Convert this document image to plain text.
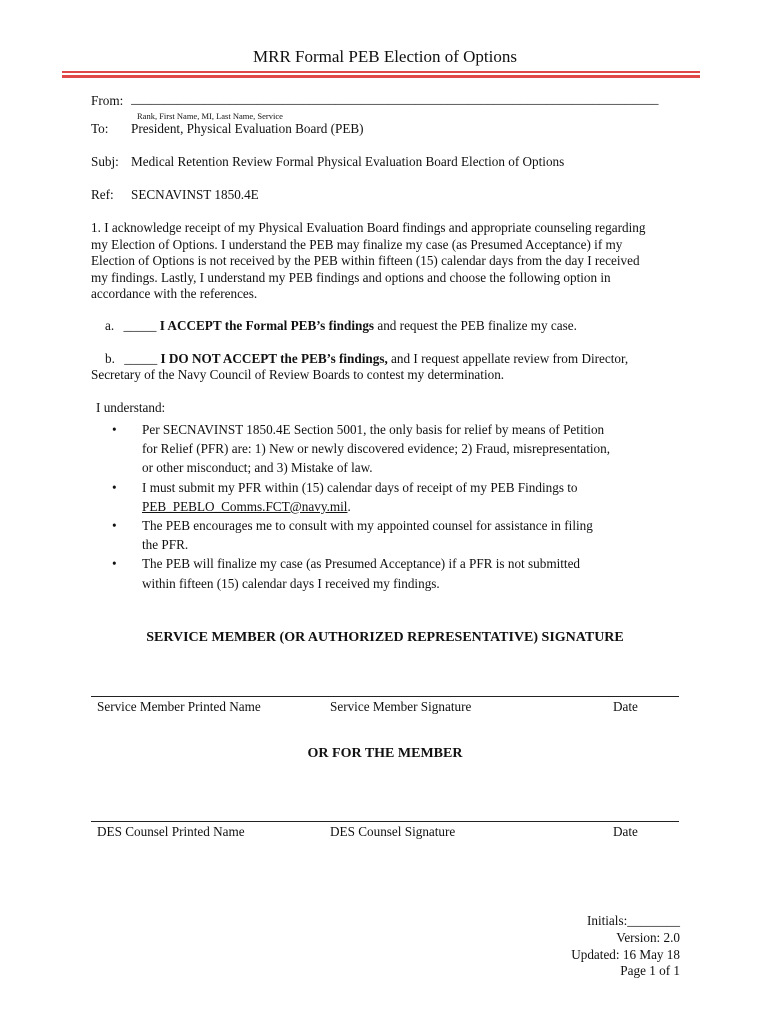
MRR Formal PEB Election of Options
From: ________________________________________________________________________________
Rank, First Name, MI, Last Name, Service
To: President, Physical Evaluation Board (PEB)
Subj: Medical Retention Review Formal Physical Evaluation Board Election of Options
Ref: SECNAVINST 1850.4E
1. I acknowledge receipt of my Physical Evaluation Board findings and appropriate counseling regarding
my Election of Options. I understand the PEB may finalize my case (as Presumed Acceptance) if my
Election of Options is not received by the PEB within fifteen (15) calendar days from the day I received
my findings. Lastly, I understand my PEB findings and options and choose the following option in
accordance with the references.
a. _____ I ACCEPT the Formal PEB’s findings and request the PEB finalize my case.
b. _____ I DO NOT ACCEPT the PEB’s findings, and I request appellate review from Director,
Secretary of the Navy Council of Review Boards to contest my determination.
I understand:
• Per SECNAVINST 1850.4E Section 5001, the only basis for relief by means of Petition
for Relief (PFR) are: 1) New or newly discovered evidence; 2) Fraud, misrepresentation,
or other misconduct; and 3) Mistake of law.
• I must submit my PFR within (15) calendar days of receipt of my PEB Findings to
PEB_PEBLO_Comms.FCT@navy.mil.
• The PEB encourages me to consult with my appointed counsel for assistance in filing
the PFR.
• The PEB will finalize my case (as Presumed Acceptance) if a PFR is not submitted
within fifteen (15) calendar days I received my findings.
SERVICE MEMBER (OR AUTHORIZED REPRESENTATIVE) SIGNATURE
Service Member Printed Name	Service Member Signature	Date
OR FOR THE MEMBER
DES Counsel Printed Name	DES Counsel Signature	Date
Initials:________
Version: 2.0
Updated: 16 May 18
Page 1 of 1
